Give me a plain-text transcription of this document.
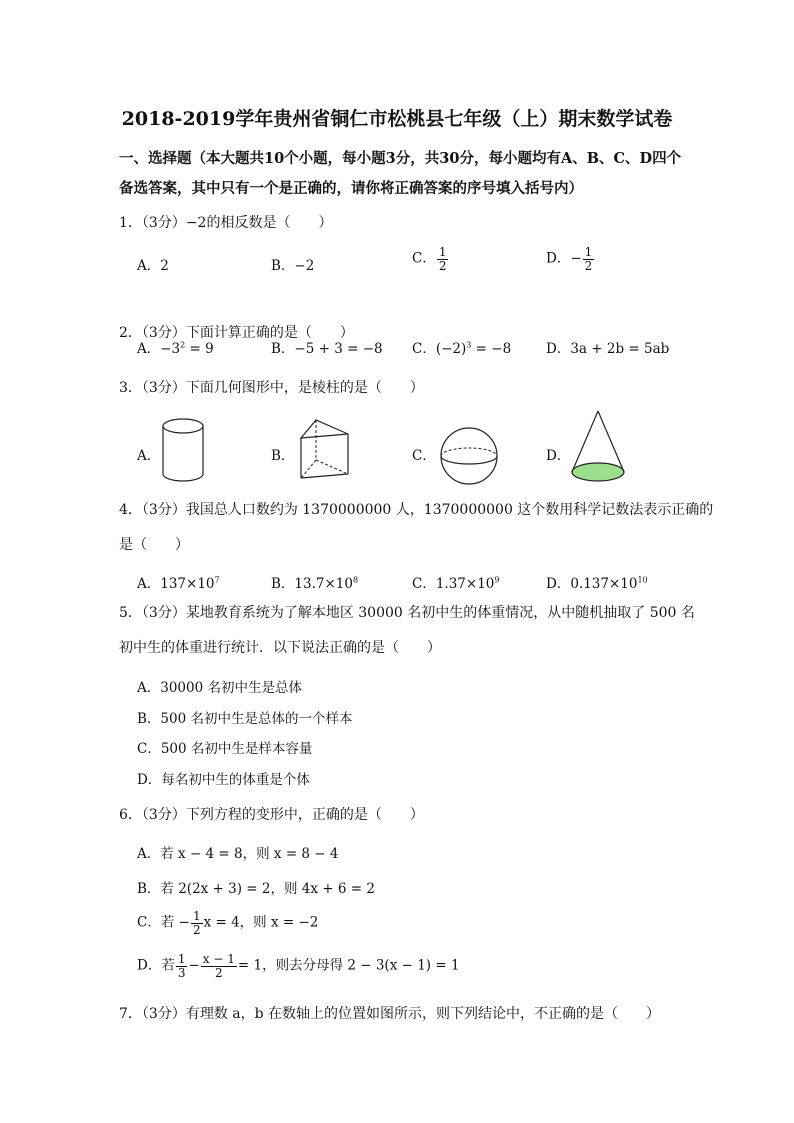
2018-2019学年贵州省铜仁市松桃县七年级（上）期末数学试卷
一、选择题（本大题共10个小题，每小题3分，共30分，每小题均有A、B、C、D四个
备选答案，其中只有一个是正确的，请你将正确答案的序号填入括号内）
1．（3分）−2的相反数是（　　）
A．2	B．−2	C． $\frac{1}{2}$	D．− $\frac{1}{2}$
2．（3分）下面计算正确的是（　　）
A．$-3^2 = 9$	B．−5 + 3 = −8 C．$(-2)^3 = -8$	D．3a + 2b = 5ab
3．（3分）下面几何图形中，是棱柱的是（　　）
A．	B．	C．	D．
4．（3分）我国总人口数约为 1370000000 人，1370000000 这个数用科学记数法表示正确的
是（　　）
A．$137\times 10^7$	B．$13.7\times 10^8$	C．$1.37\times 10^9$	D．$0.137\times 10^{10}$
5．（3分）某地教育系统为了解本地区 30000 名初中生的体重情况，从中随机抽取了 500 名
初中生的体重进行统计．以下说法正确的是（　　）
A．30000 名初中生是总体
B．500 名初中生是总体的一个样本
C．500 名初中生是样本容量
D．每名初中生的体重是个体
6．（3分）下列方程的变形中，正确的是（　　）
A．若 x − 4 = 8，则 x = 8 − 4
B．若 2(2x + 3) = 2，则 4x + 6 = 2
C．若 − $\frac{1}{2}$ x = 4，则 x = −2
D．若 $\frac{1}{3} - \frac{x - 1}{2} = 1$，则去分母得 2 − 3(x − 1) = 1
7．（3分）有理数 a，b 在数轴上的位置如图所示，则下列结论中，不正确的是（　　）
